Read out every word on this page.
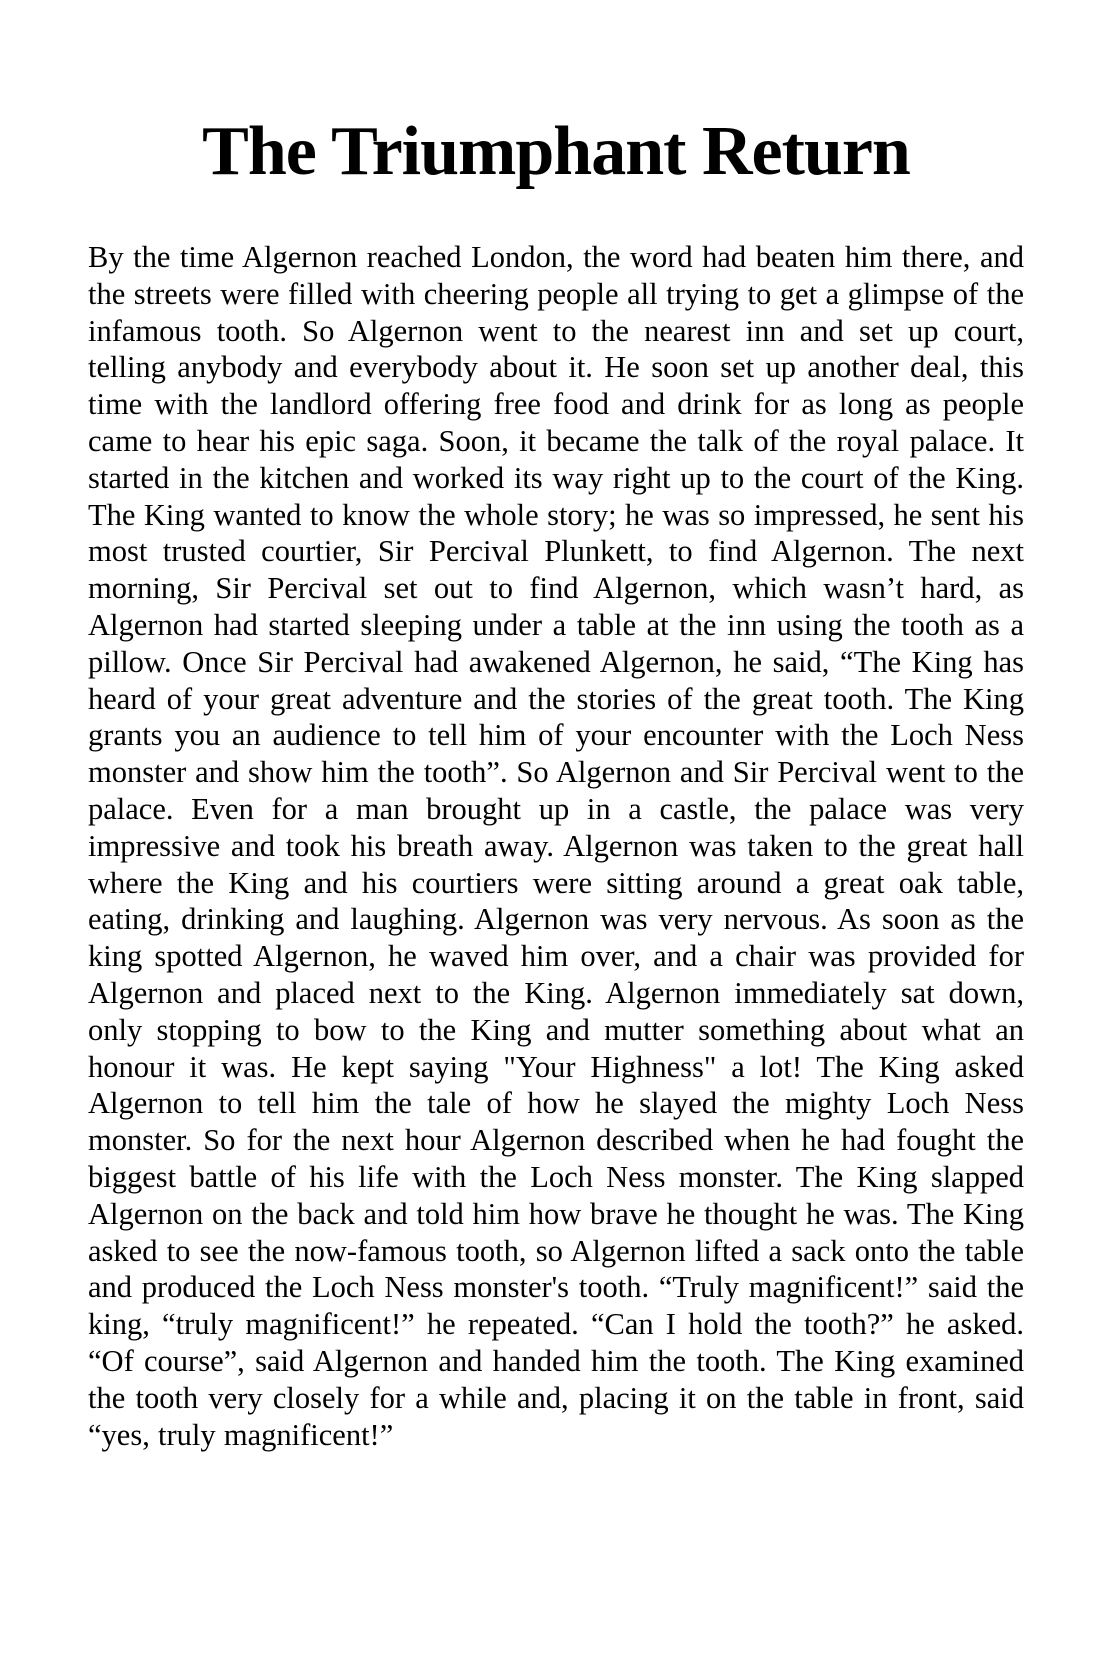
The Triumphant Return

By the time Algernon reached London, the word had beaten him there, and the streets were filled with cheering people all trying to get a glimpse of the infamous tooth. So Algernon went to the nearest inn and set up court, telling anybody and everybody about it. He soon set up another deal, this time with the landlord offering free food and drink for as long as people came to hear his epic saga. Soon, it became the talk of the royal palace. It started in the kitchen and worked its way right up to the court of the King. The King wanted to know the whole story; he was so impressed, he sent his most trusted courtier, Sir Percival Plunkett, to find Algernon. The next morning, Sir Percival set out to find Algernon, which wasn’t hard, as Algernon had started sleeping under a table at the inn using the tooth as a pillow. Once Sir Percival had awakened Algernon, he said, “The King has heard of your great adventure and the stories of the great tooth. The King grants you an audience to tell him of your encounter with the Loch Ness monster and show him the tooth”. So Algernon and Sir Percival went to the palace. Even for a man brought up in a castle, the palace was very impressive and took his breath away. Algernon was taken to the great hall where the King and his courtiers were sitting around a great oak table, eating, drinking and laughing. Algernon was very nervous. As soon as the king spotted Algernon, he waved him over, and a chair was provided for Algernon and placed next to the King. Algernon immediately sat down, only stopping to bow to the King and mutter something about what an honour it was. He kept saying "Your Highness" a lot! The King asked Algernon to tell him the tale of how he slayed the mighty Loch Ness monster. So for the next hour Algernon described when he had fought the biggest battle of his life with the Loch Ness monster. The King slapped Algernon on the back and told him how brave he thought he was. The King asked to see the now-famous tooth, so Algernon lifted a sack onto the table and produced the Loch Ness monster's tooth. “Truly magnificent!” said the king, “truly magnificent!” he repeated. “Can I hold the tooth?” he asked. “Of course”, said Algernon and handed him the tooth. The King examined the tooth very closely for a while and, placing it on the table in front, said “yes, truly magnificent!”
